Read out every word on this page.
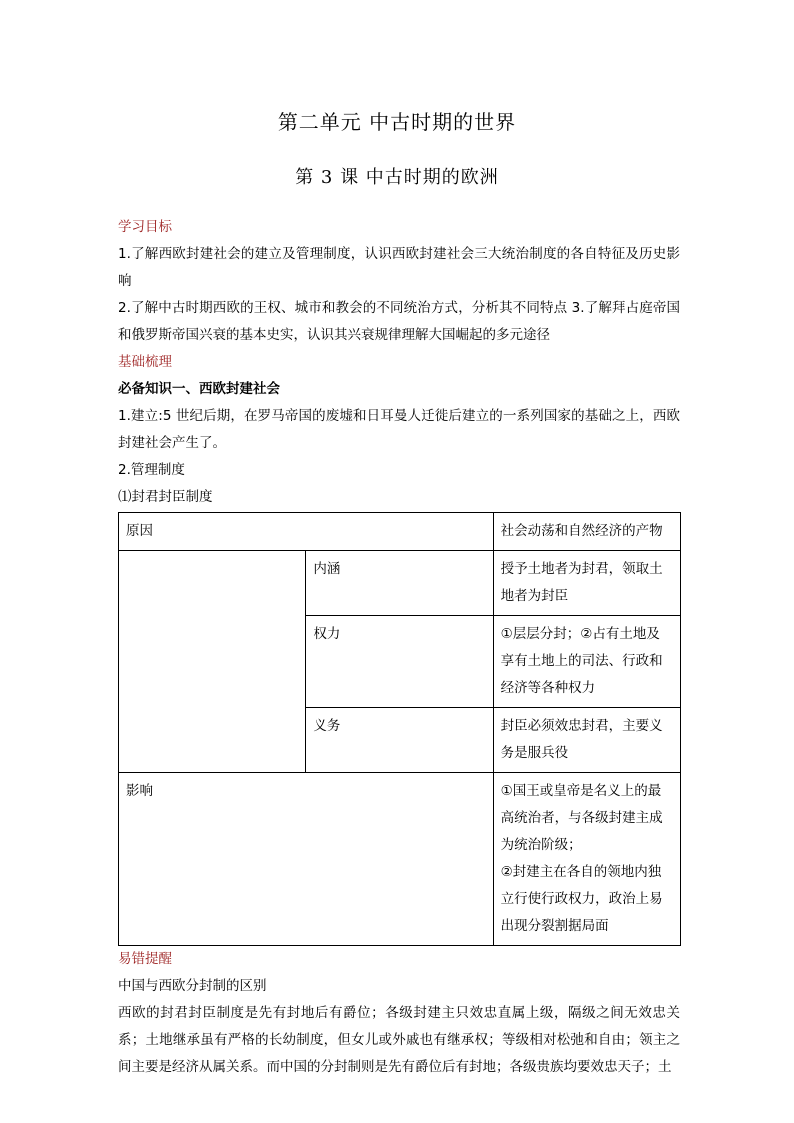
第二单元 中古时期的世界
第 3 课 中古时期的欧洲
学习目标

1.了解西欧封建社会的建立及管理制度，认识西欧封建社会三大统治制度的各自特征及历史影响

2.了解中古时期西欧的王权、城市和教会的不同统治方式，分析其不同特点 3.了解拜占庭帝国和俄罗斯帝国兴衰的基本史实，认识其兴衰规律理解大国崛起的多元途径

基础梳理
必备知识一、西欧封建社会

1.建立:5 世纪后期，在罗马帝国的废墟和日耳曼人迁徙后建立的一系列国家的基础之上，西欧封建社会产生了。

2.管理制度
⑴封君封臣制度
原因		社会动荡和自然经济的产物
	内涵	授予土地者为封君，领取土地者为封臣
	权力	①层层分封；②占有土地及享有土地上的司法、行政和经济等各种权力
	义务	封臣必须效忠封君，主要义务是服兵役
影响		①国王或皇帝是名义上的最高统治者，与各级封建主成为统治阶级；

②封建主在各自的领地内独立行使行政权力，政治上易出现分裂割据局面

易错提醒
中国与西欧分封制的区别

西欧的封君封臣制度是先有封地后有爵位；各级封建主只效忠直属上级，隔级之间无效忠关系；土地继承虽有严格的长幼制度，但女儿或外戚也有继承权；等级相对松弛和自由；领主之间主要是经济从属关系。而中国的分封制则是先有爵位后有封地；各级贵族均要效忠天子；土
